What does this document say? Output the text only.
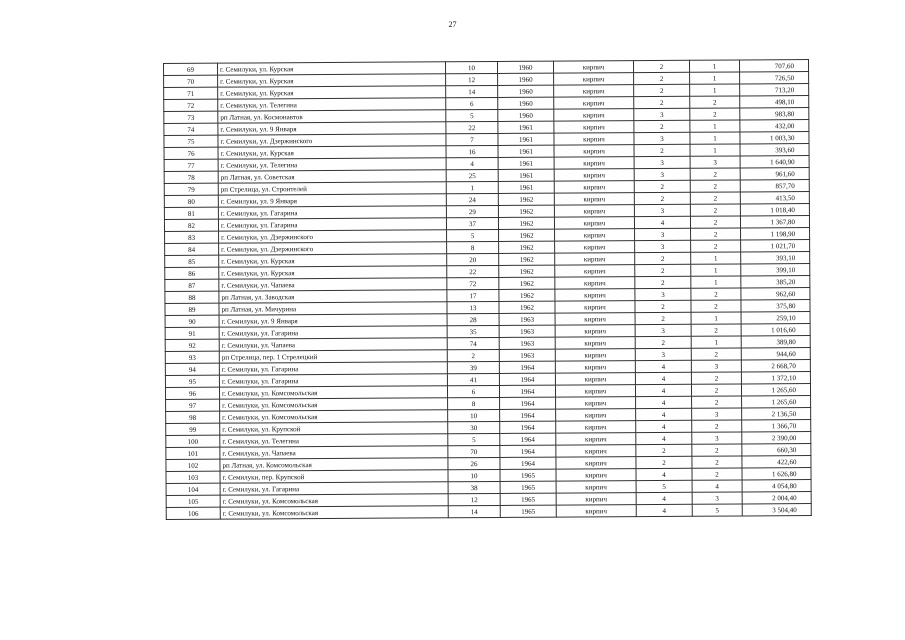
27
69	г. Семилуки, ул. Курская	10	1960	кирпич	2	1	707,60
70	г. Семилуки, ул. Курская	12	1960	кирпич	2	1	726,50
71	г. Семилуки, ул. Курская	14	1960	кирпич	2	1	713,20
72	г. Семилуки, ул. Телегина	6	1960	кирпич	2	2	498,10
73	рп Латная, ул. Космонавтов	5	1960	кирпич	3	2	983,80
74	г. Семилуки, ул. 9 Января	22	1961	кирпич	2	1	432,00
75	г. Семилуки, ул. Дзержинского	7	1961	кирпич	3	1	1 003,30
76	г. Семилуки, ул. Курская	16	1961	кирпич	2	1	393,60
77	г. Семилуки, ул. Телегина	4	1961	кирпич	3	3	1 640,90
78	рп Латная, ул. Советская	25	1961	кирпич	3	2	961,60
79	рп Стрелица, ул. Строителей	1	1961	кирпич	2	2	857,70
80	г. Семилуки, ул. 9 Января	24	1962	кирпич	2	2	413,50
81	г. Семилуки, ул. Гагарина	29	1962	кирпич	3	2	1 018,40
82	г. Семилуки, ул. Гагарина	37	1962	кирпич	4	2	1 367,80
83	г. Семилуки, ул. Дзержинского	5	1962	кирпич	3	2	1 198,90
84	г. Семилуки, ул. Дзержинского	8	1962	кирпич	3	2	1 021,70
85	г. Семилуки, ул. Курская	20	1962	кирпич	2	1	393,10
86	г. Семилуки, ул. Курская	22	1962	кирпич	2	1	399,10
87	г. Семилуки, ул. Чапаева	72	1962	кирпич	2	1	385,20
88	рп Латная, ул. Заводская	17	1962	кирпич	3	2	962,60
89	рп Латная, ул. Мичурина	13	1962	кирпич	2	2	375,80
90	г. Семилуки, ул. 9 Января	28	1963	кирпич	2	1	259,10
91	г. Семилуки, ул. Гагарина	35	1963	кирпич	3	2	1 016,60
92	г. Семилуки, ул. Чапаева	74	1963	кирпич	2	1	389,80
93	рп Стрелица, пер. 1 Стрелецкий	2	1963	кирпич	3	2	944,60
94	г. Семилуки, ул. Гагарина	39	1964	кирпич	4	3	2 668,70
95	г. Семилуки, ул. Гагарина	41	1964	кирпич	4	2	1 372,10
96	г. Семилуки, ул. Комсомольская	6	1964	кирпич	4	2	1 265,60
97	г. Семилуки, ул. Комсомольская	8	1964	кирпич	4	2	1 265,60
98	г. Семилуки, ул. Комсомольская	10	1964	кирпич	4	3	2 136,50
99	г. Семилуки, ул. Крупской	30	1964	кирпич	4	2	1 366,70
100	г. Семилуки, ул. Телегина	5	1964	кирпич	4	3	2 390,00
101	г. Семилуки, ул. Чапаева	70	1964	кирпич	2	2	660,30
102	рп Латная, ул. Комсомольская	26	1964	кирпич	2	2	422,60
103	г. Семилуки, пер. Крупской	10	1965	кирпич	4	2	1 626,80
104	г. Семилуки, ул. Гагарина	38	1965	кирпич	5	4	4 054,80
105	г. Семилуки, ул. Комсомольская	12	1965	кирпич	4	3	2 004,40
106	г. Семилуки, ул. Комсомольская	14	1965	кирпич	4	5	3 504,40
